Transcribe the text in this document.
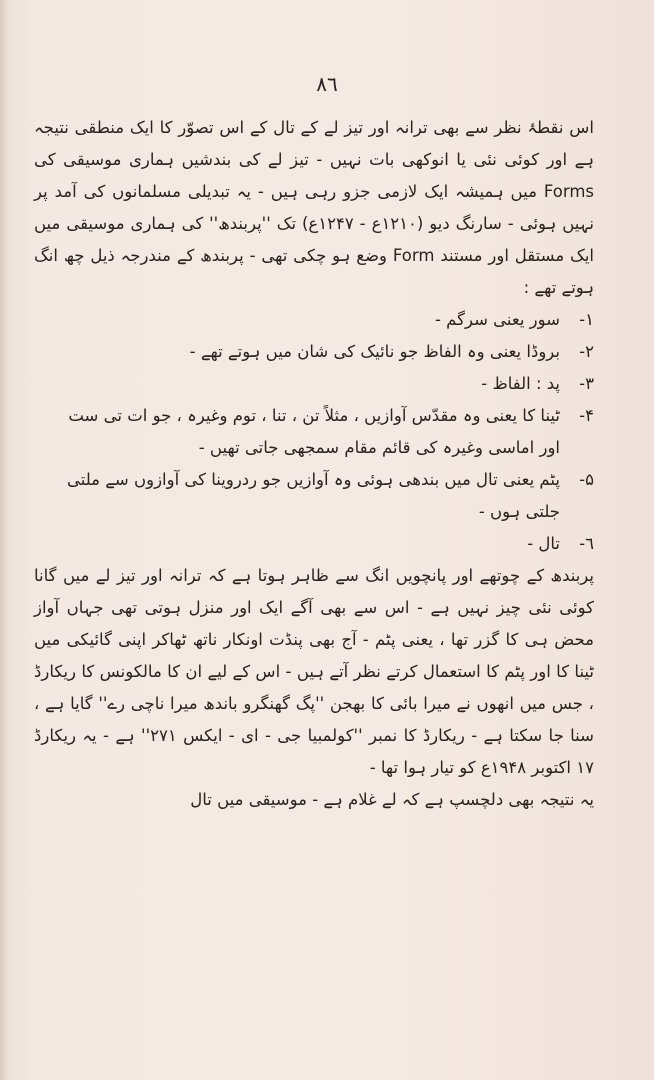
۸٦

اس نقطۂ نظر سے بھی ترانہ اور تیز لے کے تال کے اس تصوّر کا ایک منطقی نتیجہ ہے اور کوئی نئی یا انوکھی بات نہیں - تیز لے کی بندشیں ہماری موسیقی کی Forms میں ہمیشہ ایک لازمی جزو رہی ہیں - یہ تبدیلی مسلمانوں کی آمد پر نہیں ہوئی - سارنگ دیو (۱۲۱۰ع - ۱۲۴۷ع) تک ''پربندھ'' کی ہماری موسیقی میں ایک مستقل اور مستند Form وضع ہو چکی تھی - پربندھ کے مندرجہ ذیل چھ انگ ہوتے تھے :

١-
سور یعنی سرگم -
٢-
بروڈا یعنی وہ الفاظ جو نائیک کی شان میں ہوتے تھے -
٣-
پد : الفاظ -
۴-
ٹینا کا یعنی وہ مقدّس آوازیں ، مثلاً تن ، تنا ، توم وغیرہ ، جو ات تی ست اور اماسی وغیرہ کی قائم مقام سمجھی جاتی تھیں -
۵-
پٹم یعنی تال میں بندھی ہوئی وہ آوازیں جو ردروینا کی آوازوں سے ملتی جلتی ہوں -
٦-
تال -

پربندھ کے چوتھے اور پانچویں انگ سے ظاہر ہوتا ہے کہ ترانہ اور تیز لے میں گانا کوئی نئی چیز نہیں ہے - اس سے بھی آگے ایک اور منزل ہوتی تھی جہاں آواز محض ہی کا گزر تھا ، یعنی پٹم - آج بھی پنڈت اونکار ناتھ ٹھاکر اپنی گائیکی میں ٹینا کا اور پٹم کا استعمال کرتے نظر آتے ہیں - اس کے لیے ان کا مالکونس کا ریکارڈ ، جس میں انھوں نے میرا بائی کا بھجن ''پگ گھنگرو باندھ میرا ناچی رے'' گایا ہے ، سنا جا سکتا ہے - ریکارڈ کا نمبر ''کولمبیا جی - ای - ایکس ۲۷۱'' ہے - یہ ریکارڈ ۱۷ اکتوبر ۱۹۴۸ع کو تیار ہوا تھا -

یہ نتیجہ بھی دلچسپ ہے کہ لے غلام ہے - موسیقی میں تال
